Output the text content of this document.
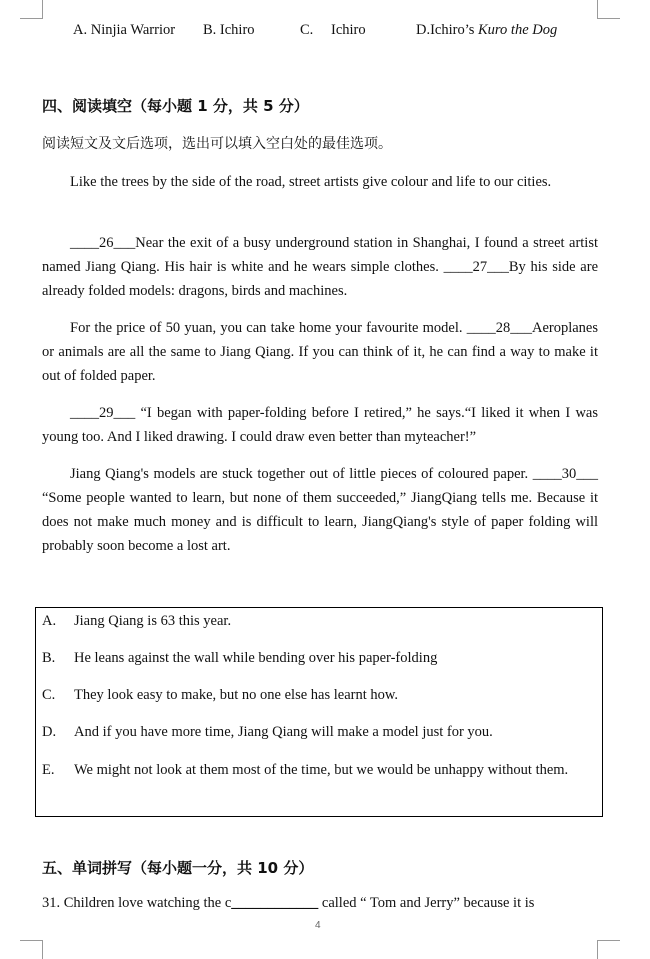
A. Ninjia Warrior B. Ichiro	C. Ichiro	D.Ichiro’s Kuro the Dog
四、阅读填空（每小题 1 分，共 5 分）
阅读短文及文后选项，选出可以填入空白处的最佳选项。
Like the trees by the side of the road, street artists give colour and life to our cities.
____26___Near the exit of a busy underground station in Shanghai, I found a street artist named Jiang Qiang. His hair is white and he wears simple clothes. ____27___By his side are already folded models: dragons, birds and machines.
For the price of 50 yuan, you can take home your favourite model. ____28___Aeroplanes or animals are all the same to Jiang Qiang. If you can think of it, he can find a way to make it out of folded paper.
____29___ “I began with paper-folding before I retired,” he says.“I liked it when I was young too. And I liked drawing. I could draw even better than myteacher!”
Jiang Qiang's models are stuck together out of little pieces of coloured paper. ____30___ “Some people wanted to learn, but none of them succeeded,” JiangQiang tells me. Because it does not make much money and is difficult to learn, JiangQiang's style of paper folding will probably soon become a lost art.
A. Jiang Qiang is 63 this year.
B. He leans against the wall while bending over his paper-folding
C. They look easy to make, but no one else has learnt how.
D. And if you have more time, Jiang Qiang will make a model just for you.
E. We might not look at them most of the time, but we would be unhappy without them.
五、单词拼写（每小题一分，共 10 分）
31. Children love watching the c____________ called “ Tom and Jerry” because it is
4
